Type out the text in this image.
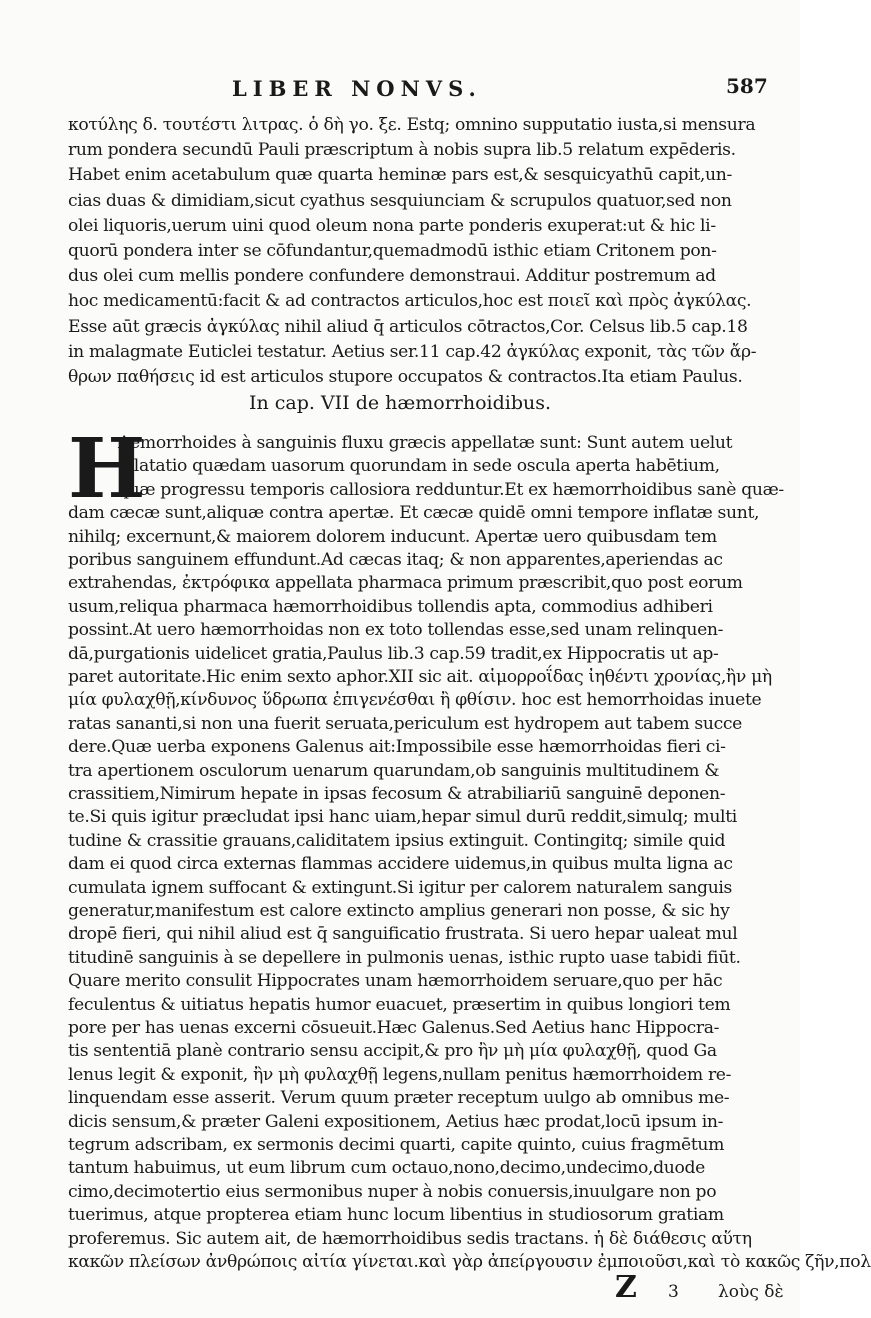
LIBER NONVS.	587
κοτύλης δ. τουτέστι λιτρας. ὁ δὴ γο. ξε. Estq; omnino supputatio iusta,si mensura
rum pondera secundū Pauli præscriptum à nobis supra lib.5 relatum expēderis.
Habet enim acetabulum quæ quarta heminæ pars est,& sesquicyathū capit,un-
cias duas & dimidiam,sicut cyathus sesquiunciam & scrupulos quatuor,sed non
olei liquoris,uerum uini quod oleum nona parte ponderis exuperat:ut & hic li-
quorū pondera inter se cōfundantur,quemadmodū isthic etiam Critonem pon-
dus olei cum mellis pondere confundere demonstraui. Additur postremum ad
hoc medicamentū:facit & ad contractos articulos,hoc est ποιεῖ καὶ πρὸς ἀγκύλας.
Esse aūt græcis ἀγκύλας nihil aliud q̄ articulos cōtractos,Cor. Celsus lib.5 cap.18
in malagmate Euticlei testatur. Aetius ser.11 cap.42 ἀγκύλας exponit, τὰς τῶν ἄρ-
θρων παθήσεις id est articulos stupore occupatos & contractos.Ita etiam Paulus.
In cap. VII de hæmorrhoidibus.
H
Aemorrhoides à sanguinis fluxu græcis appellatæ sunt: Sunt autem uelut
dilatatio quædam uasorum quorundam in sede oscula aperta habētium,
quæ progressu temporis callosiora redduntur.Et ex hæmorrhoidibus sanè quæ-
dam cæcæ sunt,aliquæ contra apertæ. Et cæcæ quidē omni tempore inflatæ sunt,
nihilq; excernunt,& maiorem dolorem inducunt. Apertæ uero quibusdam tem
poribus sanguinem effundunt.Ad cæcas itaq; & non apparentes,aperiendas ac
extrahendas, ἐκτρόφικα appellata pharmaca primum præscribit,quo post eorum
usum,reliqua pharmaca hæmorrhoidibus tollendis apta, commodius adhiberi
possint.At uero hæmorrhoidas non ex toto tollendas esse,sed unam relinquen-
dā,purgationis uidelicet gratia,Paulus lib.3 cap.59 tradit,ex Hippocratis ut ap-
paret autoritate.Hic enim sexto aphor.XII sic ait. αἱμορροΐδας ἰηθέντι χρονίας,ἢν μὴ
μία φυλαχθῇ,κίνδυνος ὕδρωπα ἐπιγενέσθαι ἢ φθίσιν. hoc est hemorrhoidas inuete
ratas sananti,si non una fuerit seruata,periculum est hydropem aut tabem succe
dere.Quæ uerba exponens Galenus ait:Impossibile esse hæmorrhoidas fieri ci-
tra apertionem osculorum uenarum quarundam,ob sanguinis multitudinem &
crassitiem,Nimirum hepate in ipsas fecosum & atrabiliariū sanguinē deponen-
te.Si quis igitur præcludat ipsi hanc uiam,hepar simul durū reddit,simulq; multi
tudine & crassitie grauans,caliditatem ipsius extinguit. Contingitq; simile quid
dam ei quod circa externas flammas accidere uidemus,in quibus multa ligna ac
cumulata ignem suffocant & extingunt.Si igitur per calorem naturalem sanguis
generatur,manifestum est calore extincto amplius generari non posse, & sic hy
dropē fieri, qui nihil aliud est q̄ sanguificatio frustrata. Si uero hepar ualeat mul
titudinē sanguinis à se depellere in pulmonis uenas, isthic rupto uase tabidi fiūt.
Quare merito consulit Hippocrates unam hæmorrhoidem seruare,quo per hāc
feculentus & uitiatus hepatis humor euacuet, præsertim in quibus longiori tem
pore per has uenas excerni cōsueuit.Hæc Galenus.Sed Aetius hanc Hippocra-
tis sententiā planè contrario sensu accipit,& pro ἢν μὴ μία φυλαχθῇ, quod Ga
lenus legit & exponit, ἢν μὴ φυλαχθῇ legens,nullam penitus hæmorrhoidem re-
linquendam esse asserit. Verum quum præter receptum uulgo ab omnibus me-
dicis sensum,& præter Galeni expositionem, Aetius hæc prodat,locū ipsum in-
tegrum adscribam, ex sermonis decimi quarti, capite quinto, cuius fragmētum
tantum habuimus, ut eum librum cum octauo,nono,decimo,undecimo,duode
cimo,decimotertio eius sermonibus nuper à nobis conuersis,inuulgare non po
tuerimus, atque propterea etiam hunc locum libentius in studiosorum gratiam
proferemus. Sic autem ait, de hæmorrhoidibus sedis tractans. ἡ δὲ διάθεσις αὕτη
κακῶν πλείσων ἀνθρώποις αἰτία γίνεται.καὶ γὰρ ἀπείργουσιν ἐμποιοῦσι,καὶ τὸ κακῶς ζῆν,πολ
Z 3 λοὺς δὲ
